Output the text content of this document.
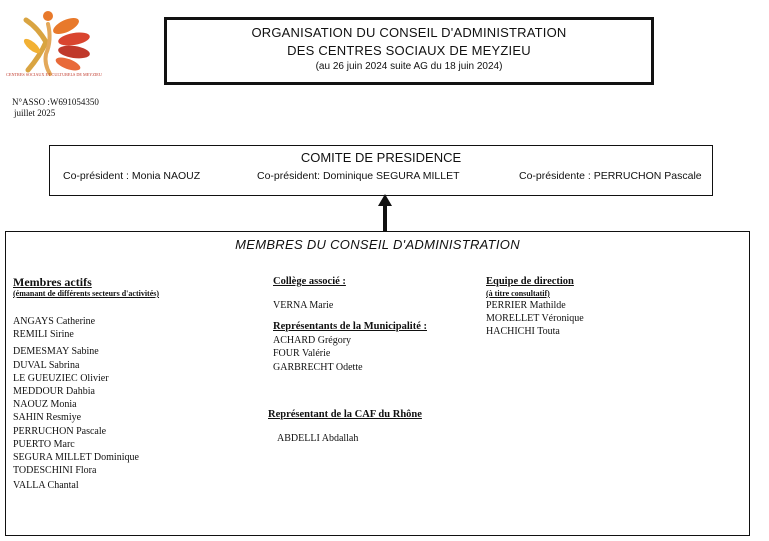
CENTRES SOCIAUX ET CULTURELS DE MEYZIEU
N°ASSO :W691054350
juillet 2025
ORGANISATION DU CONSEIL D'ADMINISTRATION
DES CENTRES SOCIAUX DE MEYZIEU
(au 26 juin 2024 suite AG du 18 juin 2024)
COMITE DE PRESIDENCE
Co-président : Monia NAOUZ	Co-président: Dominique SEGURA MILLET	Co-présidente : PERRUCHON Pascale
MEMBRES DU CONSEIL D'ADMINISTRATION
Membres actifs
(émanant de différents secteurs d'activités)
ANGAYS Catherine
REMILI Sirine
DEMESMAY Sabine
DUVAL Sabrina
LE GUEUZIEC Olivier
MEDDOUR Dahbia
NAOUZ Monia
SAHIN Resmiye
PERRUCHON Pascale
PUERTO Marc
SEGURA MILLET Dominique
TODESCHINI Flora
VALLA Chantal
Collège associé :
VERNA Marie
Représentants de la Municipalité :
ACHARD Grégory
FOUR Valérie
GARBRECHT Odette
Représentant de la CAF du Rhône
ABDELLI Abdallah
Equipe de direction
(à titre consultatif)
PERRIER Mathilde
MORELLET Véronique
HACHICHI Touta
